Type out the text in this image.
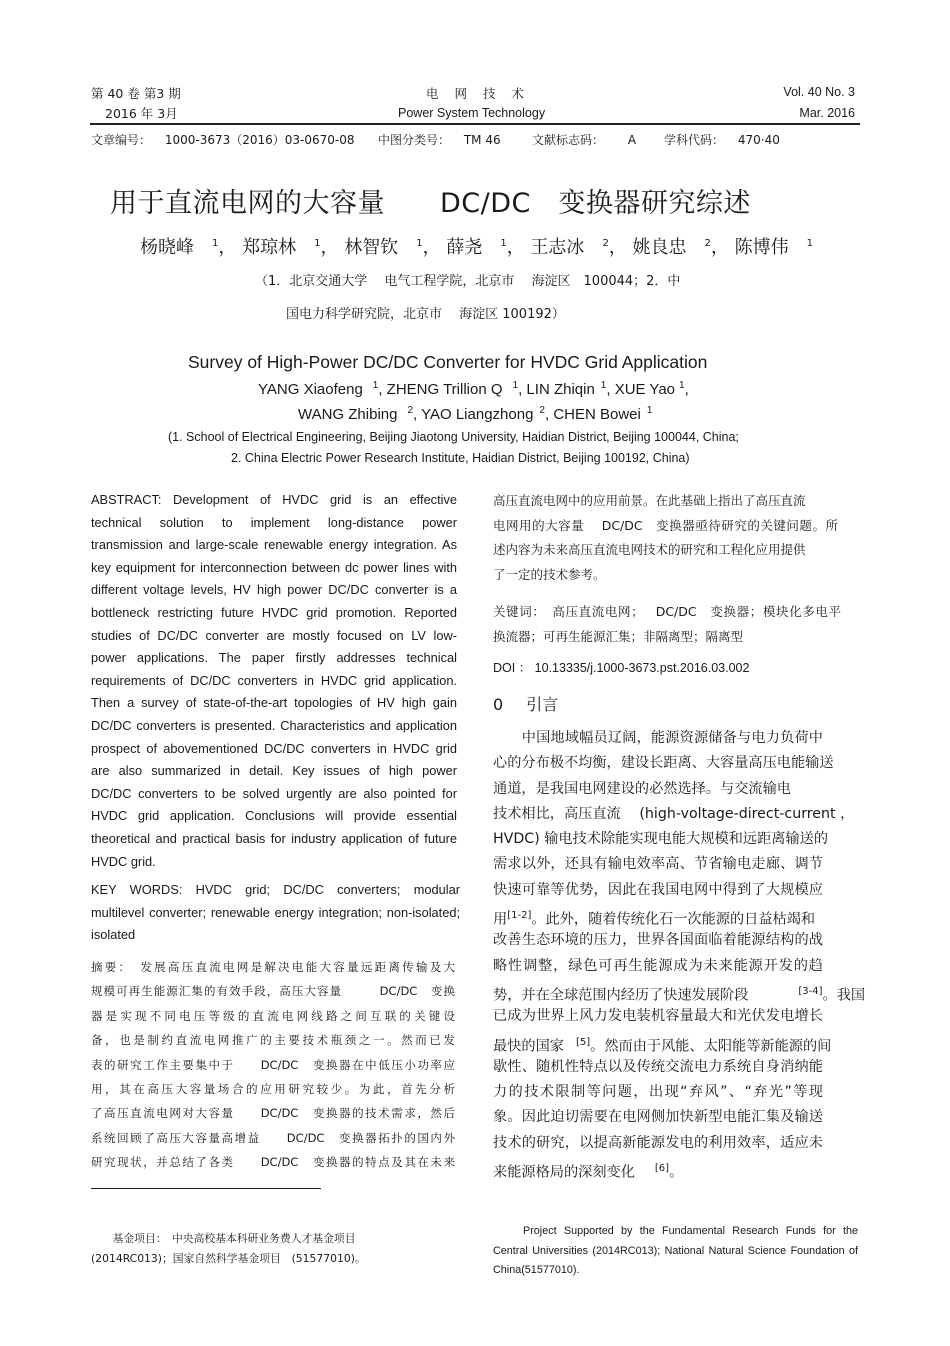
第 40 卷 第3 期
2016 年 3月
电 网 技 术
Power System Technology
Vol. 40 No. 3
Mar. 2016
文章编号： 1000-3673（2016）03-0670-08 中图分类号： TM 46	文献标志码： A 学科代码： 470·40
用于直流电网的大容量　　DC/DC　变换器研究综述
杨晓峰 $^1$， 郑琼林 $^1$， 林智钦 $^1$， 薛尧 $^1$， 王志冰 $^2$， 姚良忠 $^2$， 陈博伟 $^1$
（1．北京交通大学　 电气工程学院，北京市　 海淀区　100044；2．中
国电力科学研究院，北京市　 海淀区 100192）
Survey of High-Power DC/DC Converter for HVDC Grid Application
YANG Xiaofeng $^1$, ZHENG Trillion Q $^1$, LIN Zhiqin $^1$, XUE Yao $^1$,
WANG Zhibing $^2$, YAO Liangzhong $^2$, CHEN Bowei $^1$
(1. School of Electrical Engineering, Beijing Jiaotong University, Haidian District, Beijing 100044, China;
2. China Electric Power Research Institute, Haidian District, Beijing 100192, China)
ABSTRACT: Development of HVDC grid is an effective
technical solution to implement long-distance power
transmission and large-scale renewable energy integration. As
key equipment for interconnection between dc power lines with
different voltage levels, HV high power DC/DC converter is a
bottleneck restricting future HVDC grid promotion. Reported
studies of DC/DC converter are mostly focused on LV low-
power applications. The paper firstly addresses technical
requirements of DC/DC converters in HVDC grid application.
Then a survey of state-of-the-art topologies of HV high gain
DC/DC converters is presented. Characteristics and application
prospect of abovementioned DC/DC converters in HVDC grid
are also summarized in detail. Key issues of high power
DC/DC converters to be solved urgently are also pointed for
HVDC grid application. Conclusions will provide essential
theoretical and practical basis for industry application of future
HVDC grid.
KEY WORDS: HVDC grid; DC/DC converters; modular
multilevel converter; renewable energy integration; non-isolated;
isolated
摘要：　发展高压直流电网是解决电能大容量远距离传输及大
规模可再生能源汇集的有效手段，高压大容量　　　DC/DC　变换
器是实现不同电压等级的直流电网线路之间互联的关键设
备，也是制约直流电网推广的主要技术瓶颈之一。然而已发
表的研究工作主要集中于　　DC/DC　变换器在中低压小功率应
用，其在高压大容量场合的应用研究较少。为此，首先分析
了高压直流电网对大容量　　DC/DC　变换器的技术需求，然后
系统回顾了高压大容量高增益　　DC/DC　变换器拓扑的国内外
研究现状，并总结了各类　　DC/DC　变换器的特点及其在未来
　　基金项目：　中央高校基本科研业务费人才基金项目
(2014RC013)；国家自然科学基金项目　(51577010)。
高压直流电网中的应用前景。在此基础上指出了高压直流
电网用的大容量　 DC/DC　变换器亟待研究的关键问题。所
述内容为未来高压直流电网技术的研究和工程化应用提供
了一定的技术参考。
关键词：　高压直流电网；　 DC/DC　变换器；模块化多电平
换流器；可再生能源汇集；非隔离型；隔离型
DOI ： 10.13335/j.1000-3673.pst.2016.03.002
0 引言
　　中国地域幅员辽阔，能源资源储备与电力负荷中
心的分布极不均衡，建设长距离、大容量高压电能输送
通道，是我国电网建设的必然选择。与交流输电
技术相比，高压直流　 (high-voltage-direct-current ，
HVDC) 输电技术除能实现电能大规模和远距离输送的
需求以外，还具有输电效率高、节省输电走廊、调节
快速可靠等优势，因此在我国电网中得到了大规模应
用[1-2]。此外，随着传统化石一次能源的日益枯竭和
改善生态环境的压力，世界各国面临着能源结构的战
略性调整，绿色可再生能源成为未来能源开发的趋
势，并在全球范围内经历了快速发展阶段	[3-4]。我国
已成为世界上风力发电装机容量最大和光伏发电增长
最快的国家 [5]。然而由于风能、太阳能等新能源的间
歇性、随机性特点以及传统交流电力系统自身消纳能
力的技术限制等问题，出现“弃风”、“弃光”等现
象。因此迫切需要在电网侧加快新型电能汇集及输送
技术的研究，以提高新能源发电的利用效率，适应未
来能源格局的深刻变化 [6]。
Project Supported by the Fundamental Research Funds for the
Central Universities (2014RC013); National Natural Science Foundation of
China(51577010).
